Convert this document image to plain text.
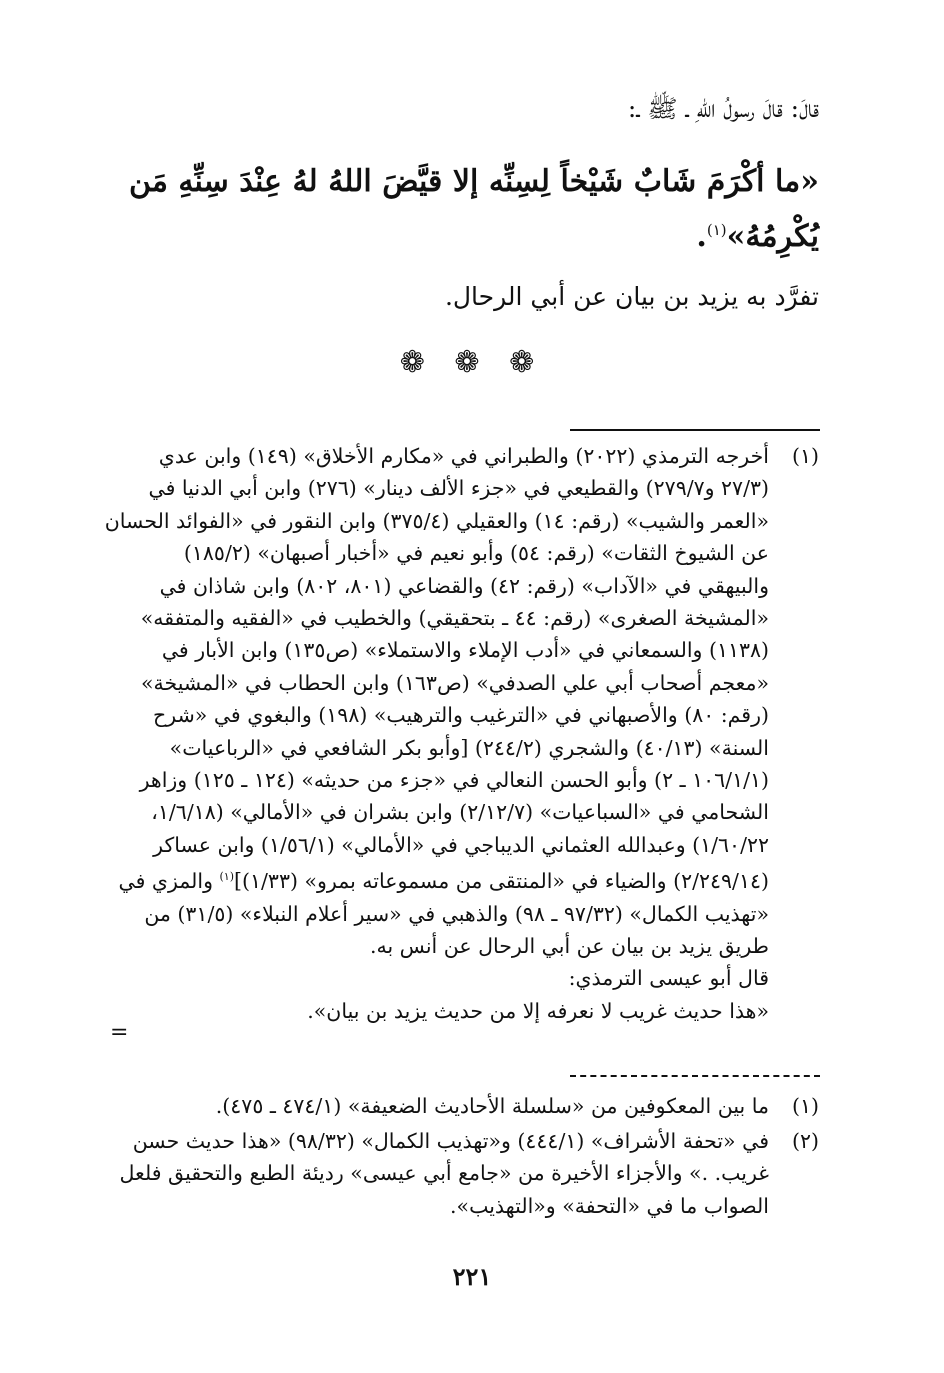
قالَ: قالَ رسولُ اللهِ ـ ﷺ ـ:
«ما أكْرَمَ شَابٌ شَيْخاً لِسِنِّه إلا قيَّضَ اللهُ لهُ عِنْدَ سِنِّهِ مَن يُكْرِمُهُ»$^{(١)}$.
تفرَّد به يزيد بن بيان عن أبي الرحال.
❁ ❁ ❁
(١)
أخرجه الترمذي (٢٠٢٢) والطبراني في «مكارم الأخلاق» (١٤٩) وابن عدي
(٢٧/٣ و٢٧٩/٧) والقطيعي في «جزء الألف دينار» (٢٧٦) وابن أبي الدنيا في
«العمر والشيب» (رقم: ١٤) والعقيلي (٣٧٥/٤) وابن النقور في «الفوائد الحسان
عن الشيوخ الثقات» (رقم: ٥٤) وأبو نعيم في «أخبار أصبهان» (١٨٥/٢)
والبيهقي في «الآداب» (رقم: ٤٢) والقضاعي (٨٠١، ٨٠٢) وابن شاذان في
«المشيخة الصغرى» (رقم: ٤٤ ـ بتحقيقي) والخطيب في «الفقيه والمتفقه»
(١١٣٨) والسمعاني في «أدب الإملاء والاستملاء» (ص١٣٥) وابن الأبار في
«معجم أصحاب أبي علي الصدفي» (ص١٦٣) وابن الحطاب في «المشيخة»
(رقم: ٨٠) والأصبهاني في «الترغيب والترهيب» (١٩٨) والبغوي في «شرح
السنة» (٤٠/١٣) والشجري (٢٤٤/٢) [وأبو بكر الشافعي في «الرباعيات»
(١٠٦/١/١ ـ ٢) وأبو الحسن النعالي في «جزء من حديثه» (١٢٤ ـ ١٢٥) وزاهر
الشحامي في «السباعيات» (٢/١٢/٧) وابن بشران في «الأمالي» (١/٦/١٨،
١/٦٠/٢٢) وعبدالله العثماني الديباجي في «الأمالي» (١/٥٦/١) وابن عساكر
(٢/٢٤٩/١٤) والضياء في «المنتقى من مسموعاته بمرو» (١/٣٣)]$^{(١)}$ والمزي في
«تهذيب الكمال» (٩٧/٣٢ ـ ٩٨) والذهبي في «سير أعلام النبلاء» (٣١/٥) من
طريق يزيد بن بيان عن أبي الرحال عن أنس به.
قال أبو عيسى الترمذي:
«هذا حديث غريب لا نعرفه إلا من حديث يزيد بن بيان».
=
(١)
ما بين المعكوفين من «سلسلة الأحاديث الضعيفة» (٤٧٤/١ ـ ٤٧٥).
(٢)
في «تحفة الأشراف» (٤٤٤/١) و«تهذيب الكمال» (٩٨/٣٢) «هذا حديث حسن
غريب. .» والأجزاء الأخيرة من «جامع أبي عيسى» رديئة الطبع والتحقيق فلعل
الصواب ما في «التحفة» و«التهذيب».
٢٢١
